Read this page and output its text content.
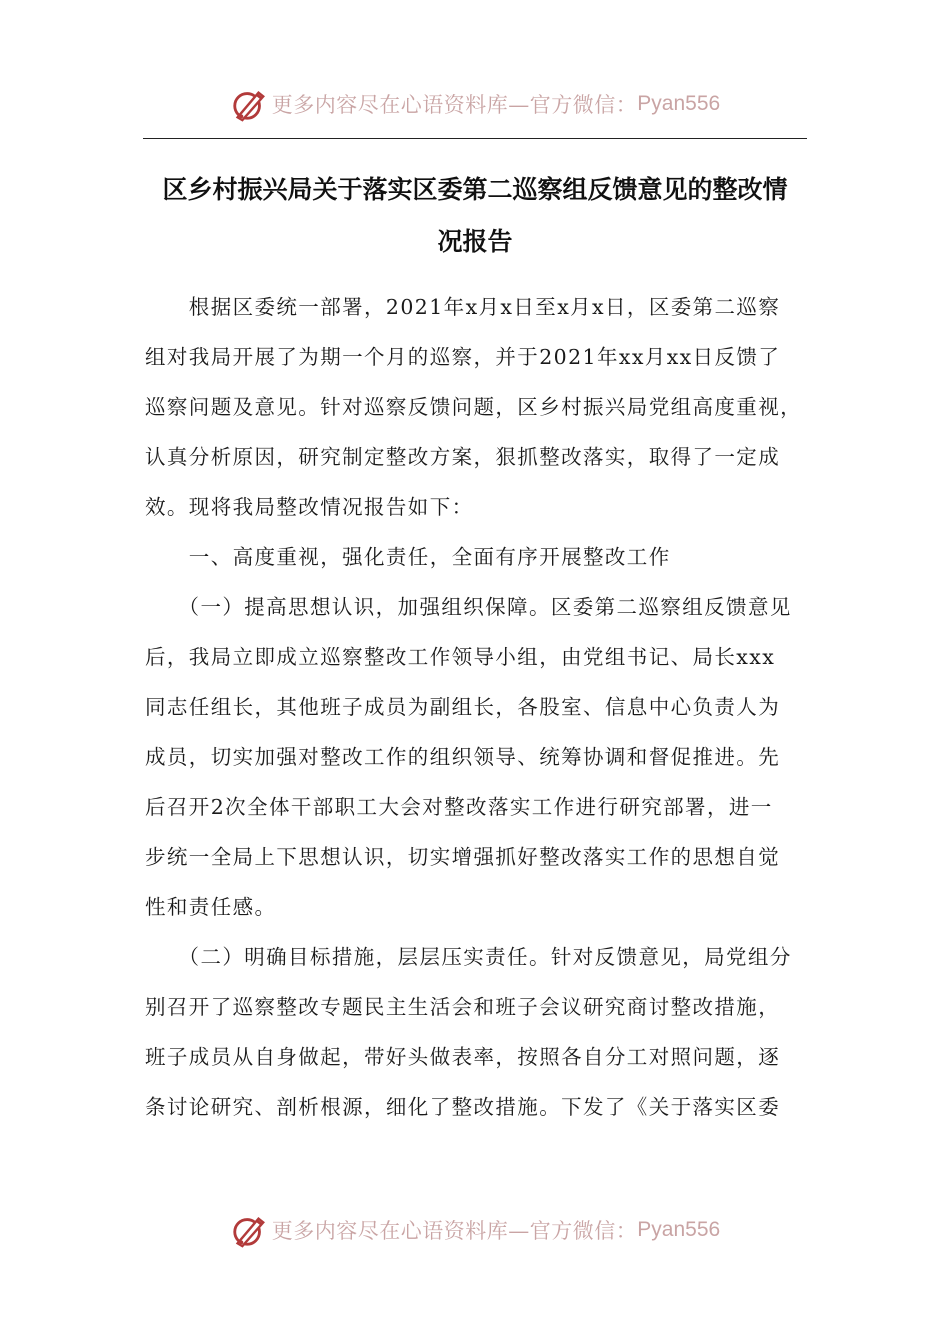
更多内容尽在心语资料库—官方微信： Pyan556
区乡村振兴局关于落实区委第二巡察组反馈意见的整改情
况报告
　　根据区委统一部署，2021年x月x日至x月x日，区委第二巡察
组对我局开展了为期一个月的巡察，并于2021年xx月xx日反馈了
巡察问题及意见。针对巡察反馈问题，区乡村振兴局党组高度重视，
认真分析原因，研究制定整改方案，狠抓整改落实，取得了一定成
效。现将我局整改情况报告如下：
　　一、高度重视，强化责任，全面有序开展整改工作
　　（一）提高思想认识，加强组织保障。区委第二巡察组反馈意见
后，我局立即成立巡察整改工作领导小组，由党组书记、局长xxx
同志任组长，其他班子成员为副组长，各股室、信息中心负责人为
成员，切实加强对整改工作的组织领导、统筹协调和督促推进。先
后召开2次全体干部职工大会对整改落实工作进行研究部署，进一
步统一全局上下思想认识，切实增强抓好整改落实工作的思想自觉
性和责任感。
　　（二）明确目标措施，层层压实责任。针对反馈意见，局党组分
别召开了巡察整改专题民主生活会和班子会议研究商讨整改措施，
班子成员从自身做起，带好头做表率，按照各自分工对照问题，逐
条讨论研究、剖析根源，细化了整改措施。下发了《关于落实区委
更多内容尽在心语资料库—官方微信： Pyan556
